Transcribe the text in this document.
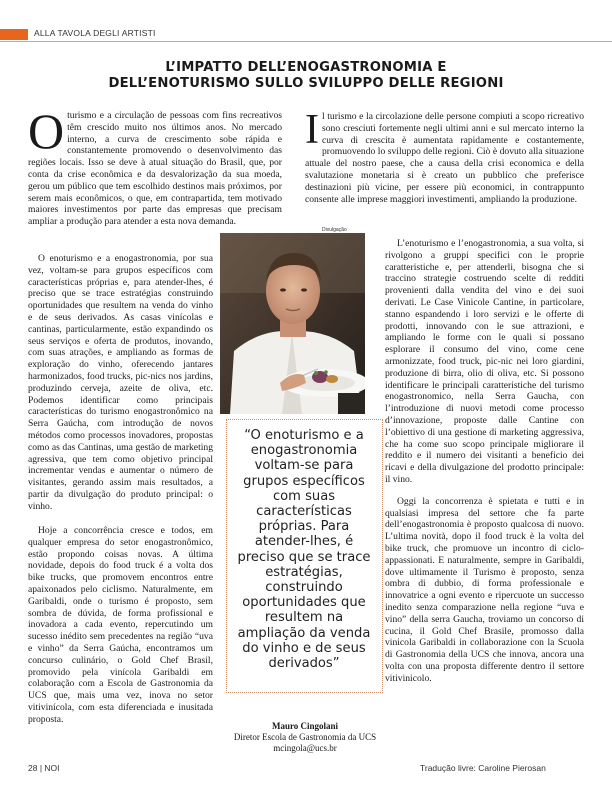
ALLA TAVOLA DEGLI ARTISTI
L’IMPATTO DELL’ENOGASTRONOMIA E
DELL’ENOTURISMO SULLO SVILUPPO DELLE REGIONI
Oturismo e a circulação de pessoas com fins recreativos têm crescido muito nos últimos anos. No mercado interno, a curva de crescimento sobe rápida e constantemente promovendo o desenvolvimento das regiões locais. Isso se deve à atual situação do Brasil, que, por conta da crise econômica e da desvalorização da sua moeda, gerou um público que tem escolhido destinos mais próximos, por serem mais econômicos, o que, em contrapartida, tem motivado maiores investimentos por parte das empresas que precisam ampliar a produção para atender a esta nova demanda.
O enoturismo e a enogastronomia, por sua vez, voltam-se para grupos específicos com características próprias e, para atender-lhes, é preciso que se trace estratégias construindo oportunidades que resultem na venda do vinho e de seus derivados. As casas vinícolas e cantinas, particularmente, estão expandindo os seus serviços e oferta de produtos, inovando, com suas atrações, e ampliando as formas de exploração do vinho, oferecendo jantares harmonizados, food trucks, pic-nics nos jardins, produzindo cerveja, azeite de oliva, etc. Podemos identificar como principais características do turismo enogastronômico na Serra Gaúcha, com introdução de novos métodos como processos inovadores, propostas como as das Cantinas, uma gestão de marketing agressiva, que tem como objetivo principal incrementar vendas e aumentar o número de visitantes, gerando assim mais resultados, a partir da divulgação do produto principal: o vinho.
Hoje a concorrência cresce e todos, em qualquer empresa do setor enogastronômico, estão propondo coisas novas. A última novidade, depois do food truck é a volta dos bike trucks, que promovem encontros entre apaixonados pelo ciclismo. Naturalmente, em Garibaldi, onde o turismo é proposto, sem sombra de dúvida, de forma profissional e inovadora a cada evento, repercutindo um sucesso inédito sem precedentes na região “uva e vinho” da Serra Gaúcha, encontramos um concurso culinário, o Gold Chef Brasil, promovido pela vinícola Garibaldi em colaboração com a Escola de Gastronomia da UCS que, mais uma vez, inova no setor vitivinícola, com esta diferenciada e inusitada proposta.
Il turismo e la circolazione delle persone compiuti a scopo ricreativo sono cresciuti fortemente negli ultimi anni e sul mercato interno la curva di crescita è aumentata rapidamente e costantemente, promuovendo lo sviluppo delle regioni. Ciò è dovuto alla situazione attuale del nostro paese, che a causa della crisi economica e della svalutazione monetaria si è creato un pubblico che preferisce destinazioni più vicine, per essere più economici, in contrappunto consente alle imprese maggiori investimenti, ampliando la produzione.

L’enoturismo e l’enogastronomia, a sua volta, si rivolgono a gruppi specifici con le proprie caratteristiche e, per attenderli, bisogna che si traccino strategie costruendo scelte di redditi provenienti dalla vendita del vino e dei suoi derivati. Le Case Vinicole Cantine, in particolare, stanno espandendo i loro servizi e le offerte di prodotti, innovando con le sue attrazioni, e ampliando le forme con le quali si possano esplorare il consumo del vino, come cene armonizzate, food truck, pic-nic nei loro giardini, produzione di birra, olio di oliva, etc. Si possono identificare le principali caratteristiche del turismo enogastronomico, nella Serra Gaucha, con l’introduzione di nuovi metodi come processo d’innovazione, proposte dalle Cantine con l’obiettivo di una gestione di marketing aggressiva, che ha come suo scopo principale migliorare il reddito e il numero dei visitanti a beneficio dei ricavi e della divulgazione del prodotto principale: il vino.

Oggi la concorrenza è spietata e tutti e in qualsiasi impresa del settore che fa parte dell’enogastronomia è proposto qualcosa di nuovo. L’ultima novità, dopo il food truck è la volta del bike truck, che promuove un incontro di ciclo-appassionati. E naturalmente, sempre in Garibaldi, dove ultimamente il Turismo è proposto, senza ombra di dubbio, di forma professionale e innovatrice a ogni evento e ripercuote un successo inedito senza comparazione nella regione “uva e vino” della serra Gaucha, troviamo un concorso di cucina, il Gold Chef Brasile, promosso dalla vinicola Garibaldi in collaborazione con la Scuola di Gastronomia della UCS che innova, ancora una volta con una proposta differente dentro il settore vitivinicolo.

Divulgação
“O enoturismo e a enogastronomia voltam-se para grupos específicos com suas características próprias. Para atender-lhes, é preciso que se trace estratégias, construindo oportunidades que resultem na ampliação da venda do vinho e de seus derivados”
Mauro Cingolani
Diretor Escola de Gastronomia da UCS
mcingola@ucs.br
28 | NOI	Tradução livre: Caroline Pierosan
